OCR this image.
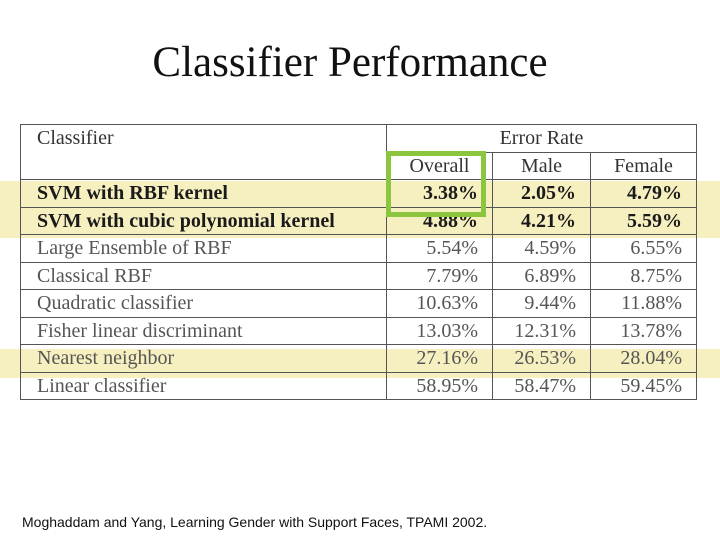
Classifier Performance
Classifier	Error Rate		
	Overall	Male	Female
SVM with RBF kernel	3.38%	2.05%	4.79%
SVM with cubic polynomial kernel	4.88%	4.21%	5.59%
Large Ensemble of RBF	5.54%	4.59%	6.55%
Classical RBF	7.79%	6.89%	8.75%
Quadratic classifier	10.63%	9.44%	11.88%
Fisher linear discriminant	13.03%	12.31%	13.78%
Nearest neighbor	27.16%	26.53%	28.04%
Linear classifier	58.95%	58.47%	59.45%
Moghaddam and Yang, Learning Gender with Support Faces, TPAMI 2002.
